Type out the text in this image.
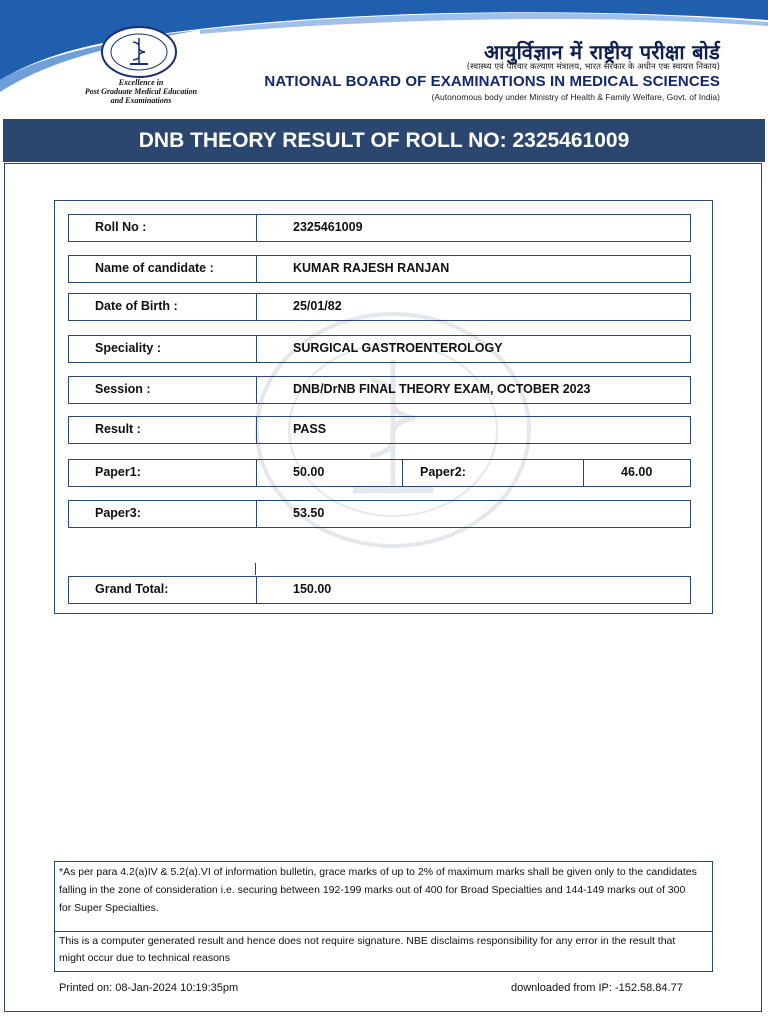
Excellence in
Post Graduate Medical Education
and Examinations
आयुर्विज्ञान में राष्ट्रीय परीक्षा बोर्ड
(स्वास्थ्य एवं परिवार कल्याण मंत्रालय, भारत सरकार के अधीन एक स्वायत्त निकाय)
NATIONAL BOARD OF EXAMINATIONS IN MEDICAL SCIENCES
(Autonomous body under Ministry of Health & Family Welfare, Govt. of India)
DNB THEORY RESULT OF ROLL NO: 2325461009
Roll No :	2325461009
Name of candidate :	KUMAR RAJESH RANJAN
Date of Birth :	25/01/82
Speciality :	SURGICAL GASTROENTEROLOGY
Session :	DNB/DrNB FINAL THEORY EXAM, OCTOBER 2023
Result :	PASS
Paper1:	50.00	Paper2:	46.00
Paper3:	53.50
Grand Total:	150.00
*As per para 4.2(a)IV & 5.2(a).VI of information bulletin, grace marks of up to 2% of maximum marks shall be given only to the candidates falling in the zone of consideration i.e. securing between 192-199 marks out of 400 for Broad Specialties and 144-149 marks out of 300 for Super Specialties.
This is a computer generated result and hence does not require signature. NBE disclaims responsibility for any error in the result that might occur due to technical reasons
Printed on: 08-Jan-2024 10:19:35pm	downloaded from IP: -152.58.84.77
